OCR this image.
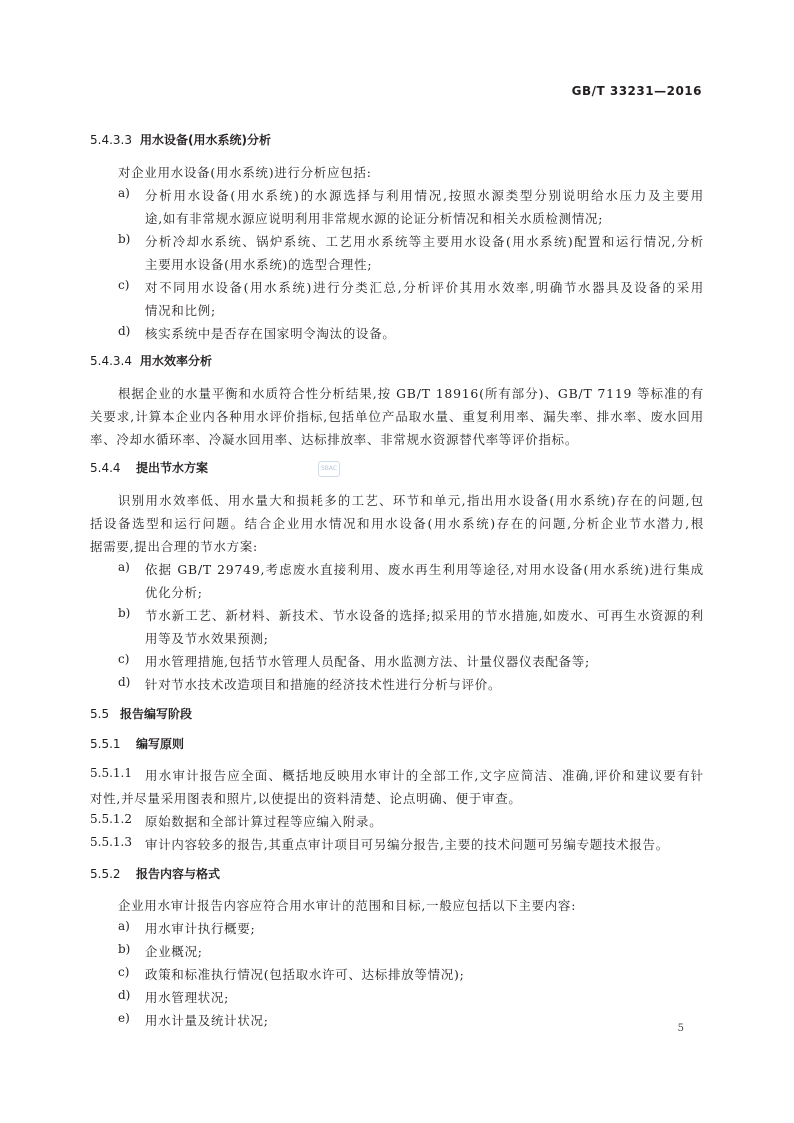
GB/T 33231—2016
5.4.3.3 用水设备(用水系统)分析
对企业用水设备(用水系统)进行分析应包括:
a) 分析用水设备(用水系统)的水源选择与利用情况,按照水源类型分别说明给水压力及主要用
途,如有非常规水源应说明利用非常规水源的论证分析情况和相关水质检测情况;
b) 分析冷却水系统、锅炉系统、工艺用水系统等主要用水设备(用水系统)配置和运行情况,分析
主要用水设备(用水系统)的选型合理性;
c) 对不同用水设备(用水系统)进行分类汇总,分析评价其用水效率,明确节水器具及设备的采用
情况和比例;
d) 核实系统中是否存在国家明令淘汰的设备。
5.4.3.4 用水效率分析
根据企业的水量平衡和水质符合性分析结果,按 GB/T 18916(所有部分)、GB/T 7119 等标准的有
关要求,计算本企业内各种用水评价指标,包括单位产品取水量、重复利用率、漏失率、排水率、废水回用
率、冷却水循环率、冷凝水回用率、达标排放率、非常规水资源替代率等评价指标。
5.4.4 提出节水方案	SBAC
识别用水效率低、用水量大和损耗多的工艺、环节和单元,指出用水设备(用水系统)存在的问题,包
括设备选型和运行问题。结合企业用水情况和用水设备(用水系统)存在的问题,分析企业节水潜力,根
据需要,提出合理的节水方案:
a) 依据 GB/T 29749,考虑废水直接利用、废水再生利用等途径,对用水设备(用水系统)进行集成
优化分析;
b) 节水新工艺、新材料、新技术、节水设备的选择;拟采用的节水措施,如废水、可再生水资源的利
用等及节水效果预测;
c) 用水管理措施,包括节水管理人员配备、用水监测方法、计量仪器仪表配备等;
d) 针对节水技术改造项目和措施的经济技术性进行分析与评价。
5.5 报告编写阶段
5.5.1 编写原则
5.5.1.1 用水审计报告应全面、概括地反映用水审计的全部工作,文字应简洁、准确,评价和建议要有针
对性,并尽量采用图表和照片,以使提出的资料清楚、论点明确、便于审查。
5.5.1.2 原始数据和全部计算过程等应编入附录。
5.5.1.3 审计内容较多的报告,其重点审计项目可另编分报告,主要的技术问题可另编专题技术报告。
5.5.2 报告内容与格式
企业用水审计报告内容应符合用水审计的范围和目标,一般应包括以下主要内容:
a) 用水审计执行概要;
b) 企业概况;
c) 政策和标准执行情况(包括取水许可、达标排放等情况);
d) 用水管理状况;
e) 用水计量及统计状况;
5
